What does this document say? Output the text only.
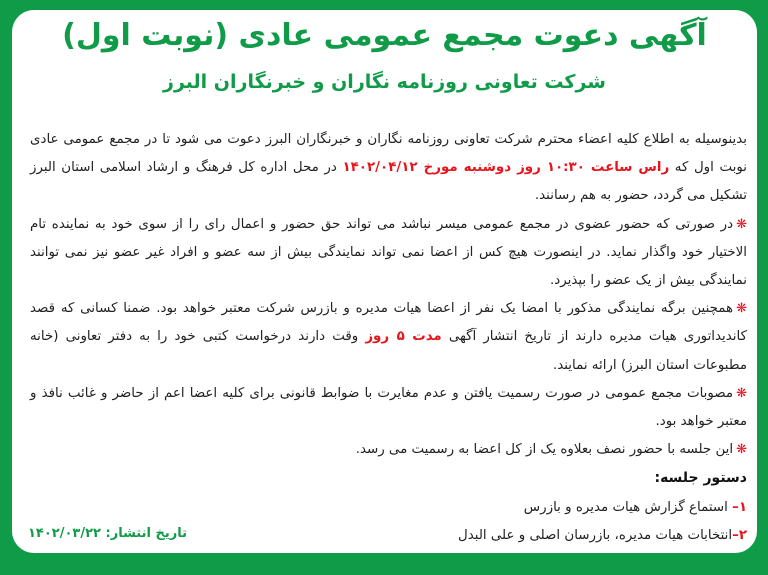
آگهی دعوت مجمع عمومی عادی (نوبت اول)
شرکت تعاونی روزنامه نگاران و خبرنگاران البرز

بدینوسیله به اطلاع کلیه اعضاء محترم شرکت تعاونی روزنامه نگاران و خبرنگاران البرز دعوت می شود تا در مجمع عمومی عادی نوبت اول که راس ساعت ۱۰:۳۰ روز دوشنبه مورخ ۱۴۰۲/۰۴/۱۲ در محل اداره کل فرهنگ و ارشاد اسلامی استان البرز تشکیل می گردد، حضور به هم رسانند.

❋در صورتی که حضور عضوی در مجمع عمومی میسر نباشد می تواند حق حضور و اعمال رای را از سوی خود به نماینده تام الاختیار خود واگذار نماید. در اینصورت هیچ کس از اعضا نمی تواند نمایندگی بیش از سه عضو و افراد غیر عضو نیز نمی توانند نمایندگی بیش از یک عضو را بپذیرد.

❋همچنین برگه نمایندگی مذکور با امضا یک نفر از اعضا هیات مدیره و بازرس شرکت معتبر خواهد بود. ضمنا کسانی که قصد کاندیداتوری هیات مدیره دارند از تاریخ انتشار آگهی مدت ۵ روز وقت دارند درخواست کتبی خود را به دفتر تعاونی (خانه مطبوعات استان البرز) ارائه نمایند.

❋مصوبات مجمع عمومی در صورت رسمیت یافتن و عدم مغایرت با ضوابط قانونی برای کلیه اعضا اعم از حاضر و غائب نافذ و معتبر خواهد بود.

❋این جلسه با حضور نصف بعلاوه یک از کل اعضا به رسمیت می رسد.

دستور جلسه:
۱– استماع گزارش هیات مدیره و بازرس
۲–انتخابات هیات مدیره، بازرسان اصلی و علی البدل

تاریخ انتشار: ۱۴۰۲/۰۳/۲۲
